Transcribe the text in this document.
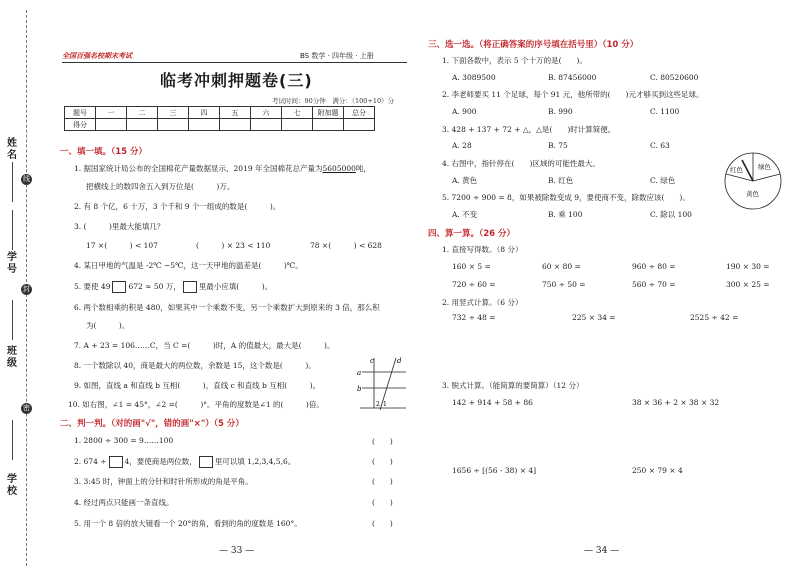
姓名
线
学号
封
班级
密
学校
全国百强名校期末考试	BS 数学 · 四年级 · 上册
临考冲刺押题卷(三)
考试时间：90分钟　满分：（100+10）分
题号	一	二	三	四	五	六	七	附加题	总分
得分									
一、填一填。（15 分）
1. 据国家统计局公布的全国棉花产量数据显示，2019 年全国棉花总产量为5605000吨，
把横线上的数四舍五入到万位是(　　　)万。
2. 有 8 个亿，6 十万，3 个千和 9 个一组成的数是(　　　)。
3. (　　　)里最大能填几？
17 ×(　　　) < 107	(　　　) × 23 < 110	78 ×(　　　) < 628
4. 某日甲地的气温是 -2℃ ~5℃，这一天甲地的温差是(　　　)℃。
5. 要使 49 672 ≈ 50 万， 里最小应填(　　　)。
6. 两个数相乘的积是 480，如果其中一个乘数不变，另一个乘数扩大到原来的 3 倍，那么积
为(　　　)。
7. A + 23 = 106……C，当 C =(　　　)时，A 的值最大，最大是(　　　)。
8. 一个数除以 40，商是最大的两位数，余数是 15，这个数是(　　　)。
9. 如图，直线 a 和直线 b 互相(　　　)，直线 c 和直线 b 互相(　　　)。
10. 如右图，∠1 = 45°，∠2 =(　　　)°。平角的度数是∠1 的(　　　)倍。
a
b
c	d
1
2
二、判一判。（对的画"√"，错的画"×"）（5 分）
1. 2800 ÷ 300 = 9……100	(　　)
2. 674 ÷ 4，要使商是两位数， 里可以填 1,2,3,4,5,6。	(　　)
3. 3:45 时，钟面上的分针和时针所形成的角是平角。	(　　)
4. 经过两点只能画一条直线。	(　　)
5. 用一个 8 倍的放大镜看一个 20°的角，看到的角的度数是 160°。	(　　)
— 33 —
三、选一选。（将正确答案的序号填在括号里）（10 分）
1. 下面各数中，表示 5 个十万的是(　　)。
A. 3089500	B. 87456000	C. 80520600
2. 李老师要买 11 个足球，每个 91 元，他所带的(　　)元才够买到这些足球。
A. 900	B. 990	C. 1100
3. 428 + 137 + 72 + △，△是(　　)时计算简便。
A. 28	B. 75	C. 63
4. 右图中，指针停在(　　)区域的可能性最大。
A. 黄色	B. 红色	C. 绿色
5. 7200 ÷ 900 = 8，如果被除数变成 9，要使商不变，除数应该(　　)。
A. 不变	B. 乘 100	C. 除以 100
红色 绿色
黄色
四、算一算。（26 分）
1. 直接写得数。（8 分）
160 × 5 =	60 × 80 =	960 ÷ 80 =	190 × 30 =
720 ÷ 60 =	750 ÷ 50 =	560 ÷ 70 =	300 × 25 =
2. 用竖式计算。（6 分）
732 ÷ 48 =	225 × 34 =	2525 ÷ 42 =
3. 脱式计算。（能简算的要简算）（12 分）
142 + 914 + 58 + 86	38 × 36 + 2 × 38 × 32
1656 ÷ [(56 - 38) × 4]	250 × 79 × 4
— 34 —
